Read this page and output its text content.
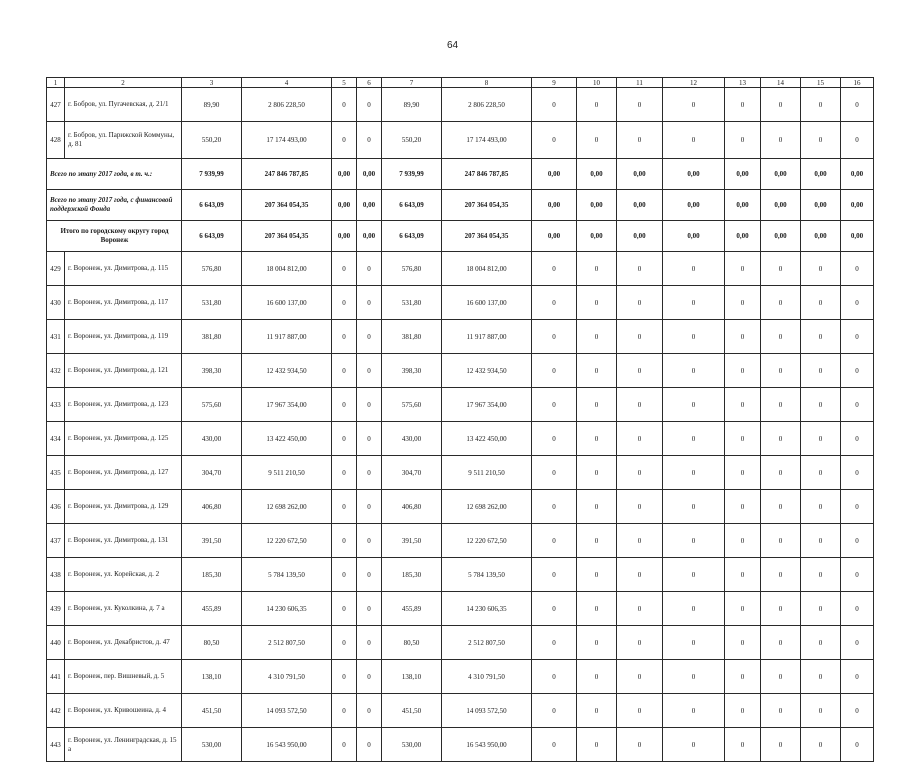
64
1	2	3	4	5	6	7	8	9	10	11	12	13	14	15	16
427	г. Бобров, ул. Пугачевская, д. 21/1	89,90	2 806 228,50	0	0	89,90	2 806 228,50	0	0	0	0	0	0	0	0
428	г. Бобров, ул. Парижской Коммуны, д. 81	550,20	17 174 493,00	0	0	550,20	17 174 493,00	0	0	0	0	0	0	0	0
Всего по этапу 2017 года, в т. ч.:		7 939,99	247 846 787,85	0,00	0,00	7 939,99	247 846 787,85	0,00	0,00	0,00	0,00	0,00	0,00	0,00	0,00
Всего по этапу 2017 года, с финансовой поддержкой Фонда		6 643,09	207 364 054,35	0,00	0,00	6 643,09	207 364 054,35	0,00	0,00	0,00	0,00	0,00	0,00	0,00	0,00
Итого по городскому округу город Воронеж		6 643,09	207 364 054,35	0,00	0,00	6 643,09	207 364 054,35	0,00	0,00	0,00	0,00	0,00	0,00	0,00	0,00
429	г. Воронеж, ул. Димитрова, д. 115	576,80	18 004 812,00	0	0	576,80	18 004 812,00	0	0	0	0	0	0	0	0
430	г. Воронеж, ул. Димитрова, д. 117	531,80	16 600 137,00	0	0	531,80	16 600 137,00	0	0	0	0	0	0	0	0
431	г. Воронеж, ул. Димитрова, д. 119	381,80	11 917 887,00	0	0	381,80	11 917 887,00	0	0	0	0	0	0	0	0
432	г. Воронеж, ул. Димитрова, д. 121	398,30	12 432 934,50	0	0	398,30	12 432 934,50	0	0	0	0	0	0	0	0
433	г. Воронеж, ул. Димитрова, д. 123	575,60	17 967 354,00	0	0	575,60	17 967 354,00	0	0	0	0	0	0	0	0
434	г. Воронеж, ул. Димитрова, д. 125	430,00	13 422 450,00	0	0	430,00	13 422 450,00	0	0	0	0	0	0	0	0
435	г. Воронеж, ул. Димитрова, д. 127	304,70	9 511 210,50	0	0	304,70	9 511 210,50	0	0	0	0	0	0	0	0
436	г. Воронеж, ул. Димитрова, д. 129	406,80	12 698 262,00	0	0	406,80	12 698 262,00	0	0	0	0	0	0	0	0
437	г. Воронеж, ул. Димитрова, д. 131	391,50	12 220 672,50	0	0	391,50	12 220 672,50	0	0	0	0	0	0	0	0
438	г. Воронеж, ул. Корейская, д. 2	185,30	5 784 139,50	0	0	185,30	5 784 139,50	0	0	0	0	0	0	0	0
439	г. Воронеж, ул. Куколкина, д. 7 а	455,89	14 230 606,35	0	0	455,89	14 230 606,35	0	0	0	0	0	0	0	0
440	г. Воронеж, ул. Декабристов, д. 47	80,50	2 512 807,50	0	0	80,50	2 512 807,50	0	0	0	0	0	0	0	0
441	г. Воронеж, пер. Вишневый, д. 5	138,10	4 310 791,50	0	0	138,10	4 310 791,50	0	0	0	0	0	0	0	0
442	г. Воронеж, ул. Кривошеина, д. 4	451,50	14 093 572,50	0	0	451,50	14 093 572,50	0	0	0	0	0	0	0	0
443	г. Воронеж, ул. Ленинградская, д. 15 а	530,00	16 543 950,00	0	0	530,00	16 543 950,00	0	0	0	0	0	0	0	0
